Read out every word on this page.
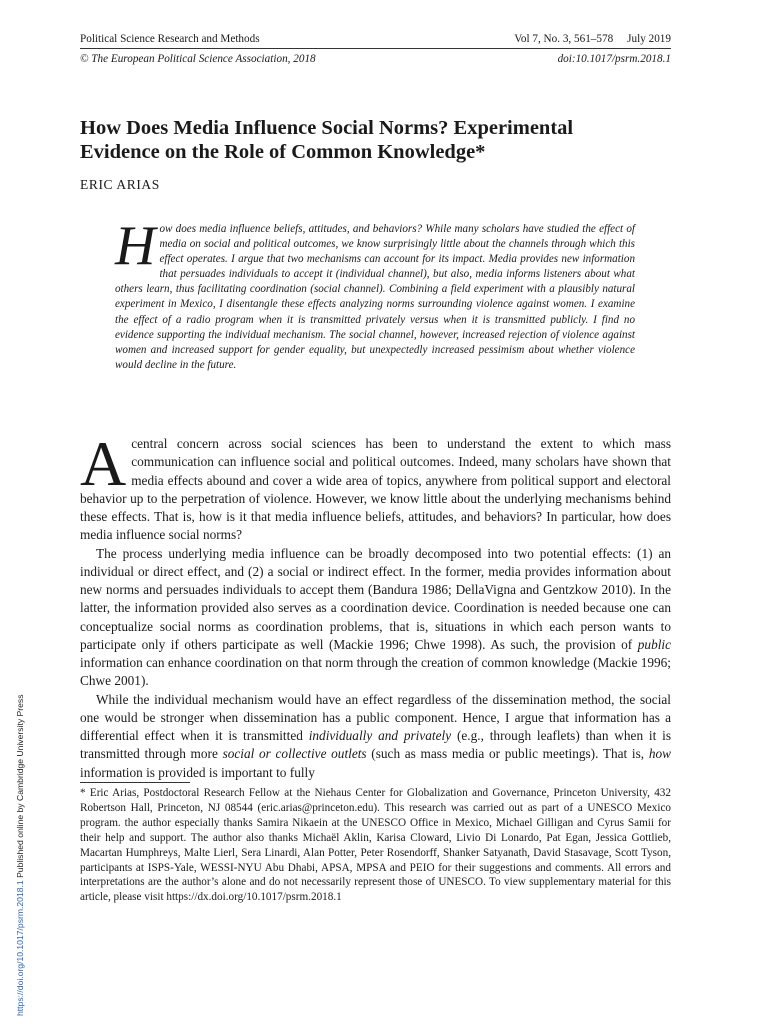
https://doi.org/10.1017/psrm.2018.1 Published online by Cambridge University Press
Political Science Research and Methods	Vol 7, No. 3, 561–578 July 2019
© The European Political Science Association, 2018	doi:10.1017/psrm.2018.1
How Does Media Influence Social Norms? Experimental
Evidence on the Role of Common Knowledge*
ERIC ARIAS
How does media influence beliefs, attitudes, and behaviors? While many scholars have studied the effect of media on social and political outcomes, we know surprisingly little about the channels through which this effect operates. I argue that two mechanisms can account for its impact. Media provides new information that persuades individuals to accept it (individual channel), but also, media informs listeners about what others learn, thus facilitating coordination (social channel). Combining a field experiment with a plausibly natural experiment in Mexico, I disentangle these effects analyzing norms surrounding violence against women. I examine the effect of a radio program when it is transmitted privately versus when it is transmitted publicly. I find no evidence supporting the individual mechanism. The social channel, however, increased rejection of violence against women and increased support for gender equality, but unexpectedly increased pessimism about whether violence would decline in the future.

Acentral concern across social sciences has been to understand the extent to which mass communication can influence social and political outcomes. Indeed, many scholars have shown that media effects abound and cover a wide area of topics, anywhere from political support and electoral behavior up to the perpetration of violence. However, we know little about the underlying mechanisms behind these effects. That is, how is it that media influence beliefs, attitudes, and behaviors? In particular, how does media influence social norms?

The process underlying media influence can be broadly decomposed into two potential effects: (1) an individual or direct effect, and (2) a social or indirect effect. In the former, media provides information about new norms and persuades individuals to accept them (Bandura 1986; DellaVigna and Gentzkow 2010). In the latter, the information provided also serves as a coordination device. Coordination is needed because one can conceptualize social norms as coordination problems, that is, situations in which each person wants to participate only if others participate as well (Mackie 1996; Chwe 1998). As such, the provision of public information can enhance coordination on that norm through the creation of common knowledge (Mackie 1996; Chwe 2001).

While the individual mechanism would have an effect regardless of the dissemination method, the social one would be stronger when dissemination has a public component. Hence, I argue that information has a differential effect when it is transmitted individually and privately (e.g., through leaflets) than when it is transmitted through more social or collective outlets (such as mass media or public meetings). That is, how information is provided is important to fully

* Eric Arias, Postdoctoral Research Fellow at the Niehaus Center for Globalization and Governance, Princeton University, 432 Robertson Hall, Princeton, NJ 08544 (eric.arias@princeton.edu). This research was carried out as part of a UNESCO Mexico program. the author especially thanks Samira Nikaein at the UNESCO Office in Mexico, Michael Gilligan and Cyrus Samii for their help and support. The author also thanks Michaël Aklin, Karisa Cloward, Livio Di Lonardo, Pat Egan, Jessica Gottlieb, Macartan Humphreys, Malte Lierl, Sera Linardi, Alan Potter, Peter Rosendorff, Shanker Satyanath, David Stasavage, Scott Tyson, participants at ISPS-Yale, WESSI-NYU Abu Dhabi, APSA, MPSA and PEIO for their suggestions and comments. All errors and interpretations are the author’s alone and do not necessarily represent those of UNESCO. To view supplementary material for this article, please visit https://dx.doi.org/10.1017/psrm.2018.1
